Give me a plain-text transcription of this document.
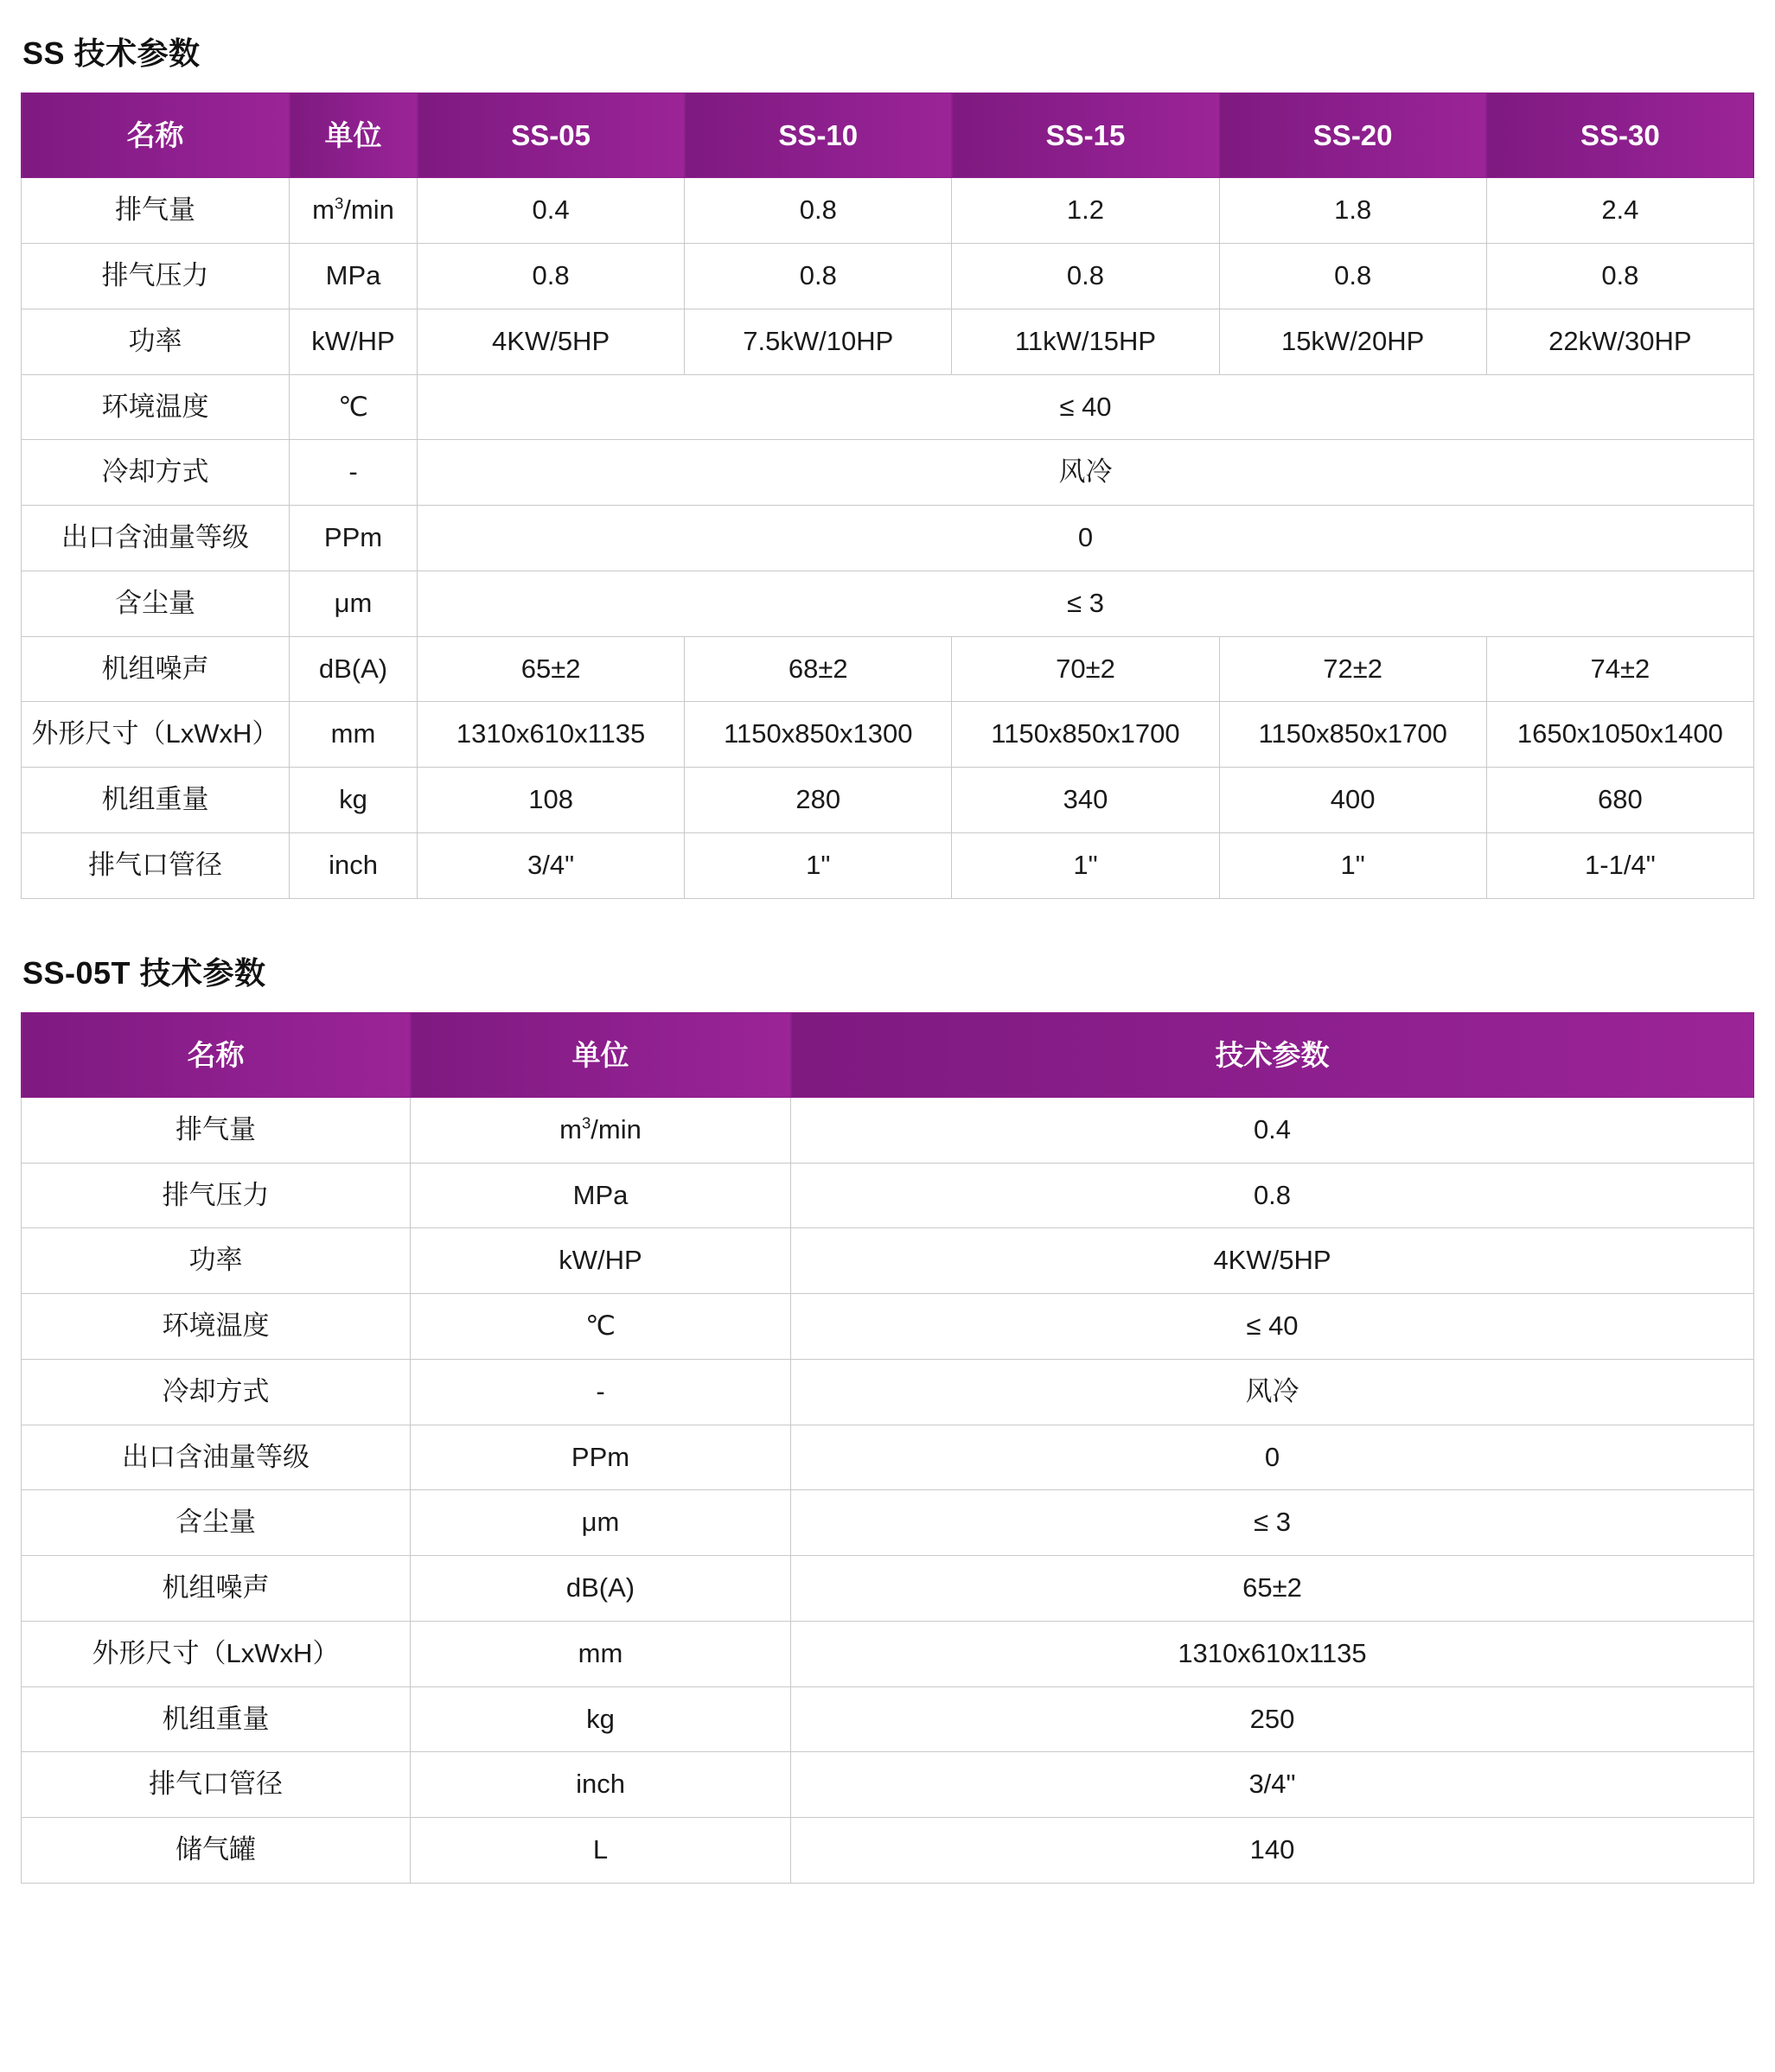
SS 技术参数
名称	单位	SS-05	SS-10	SS-15	SS-20	SS-30
排气量	$m^3/\min$	0.4	0.8	1.2	1.8	2.4
排气压力	MPa	0.8	0.8	0.8	0.8	0.8
功率	kW/HP	4KW/5HP	7.5kW/10HP	11kW/15HP	15kW/20HP	22kW/30HP
环境温度	℃	≤ 40				
冷却方式	-	风冷				
出口含油量等级	PPm	0				
含尘量	μm	≤ 3				
机组噪声	dB(A)	65±2	68±2	70±2	72±2	74±2
外形尺寸（LxWxH）	mm	1310x610x1135	1150x850x1300	1150x850x1700	1150x850x1700	1650x1050x1400
机组重量	kg	108	280	340	400	680
排气口管径	inch	3/4"	1"	1"	1"	1-1/4"
SS-05T 技术参数
名称	单位	技术参数
排气量	$m^3/\min$	0.4
排气压力	MPa	0.8
功率	kW/HP	4KW/5HP
环境温度	℃	≤ 40
冷却方式	-	风冷
出口含油量等级	PPm	0
含尘量	μm	≤ 3
机组噪声	dB(A)	65±2
外形尺寸（LxWxH）	mm	1310x610x1135
机组重量	kg	250
排气口管径	inch	3/4"
储气罐	L	140
